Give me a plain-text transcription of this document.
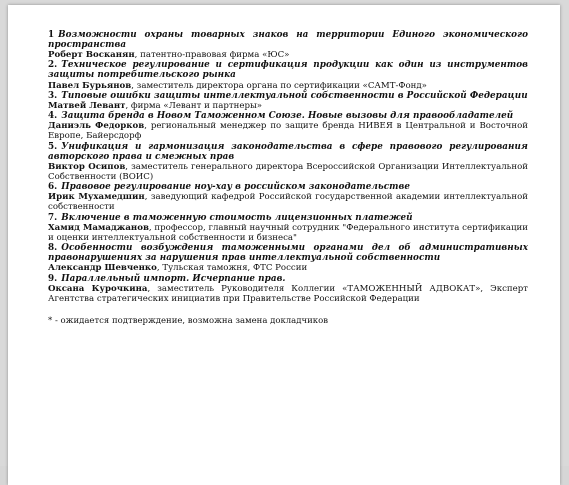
1 Возможности охраны товарных знаков на территории Единого экономического пространства
Роберт Восканян, патентно-правовая фирма «ЮС»
2. Техническое регулирование и сертификация продукции как один из инструментов защиты потребительского рынка
Павел Бурьянов, заместитель директора органа по сертификации «САМТ-Фонд»
3. Типовые ошибки защиты интеллектуальной собственности в Российской Федерации
Матвей Левант, фирма «Левант и партнеры»
4. Защита бренда в Новом Таможенном Союзе. Новые вызовы для правообладателей
Даниэль Федорков, региональный менеджер по защите бренда НИВЕЯ в Центральной и Восточной Европе, Байерсдорф
5. Унификация и гармонизация законодательства в сфере правового регулирования авторского права и смежных прав
Виктор Осипов, заместитель генерального директора Всероссийской Организации Интеллектуальной Собственности (ВОИС)
6. Правовое регулирование ноу-хау в российском законодательстве
Ирик Мухамедшин, заведующий кафедрой Российской государственной академии интеллектуальной собственности
7. Включение в таможенную стоимость лицензионных платежей
Хамид Мамаджанов, профессор, главный научный сотрудник "Федерального института сертификации и оценки интеллектуальной собственности и бизнеса"
8. Особенности возбуждения таможенными органами дел об административных правонарушениях за нарушения прав интеллектуальной собственности
Александр Шевченко, Тульская таможня, ФТС России
9. Параллельный импорт. Исчерпание прав.
Оксана Курочкина, заместитель Руководителя Коллегии «ТАМОЖЕННЫЙ АДВОКАТ», Эксперт Агентства стратегических инициатив при Правительстве Российской Федерации
* - ожидается подтверждение, возможна замена докладчиков
